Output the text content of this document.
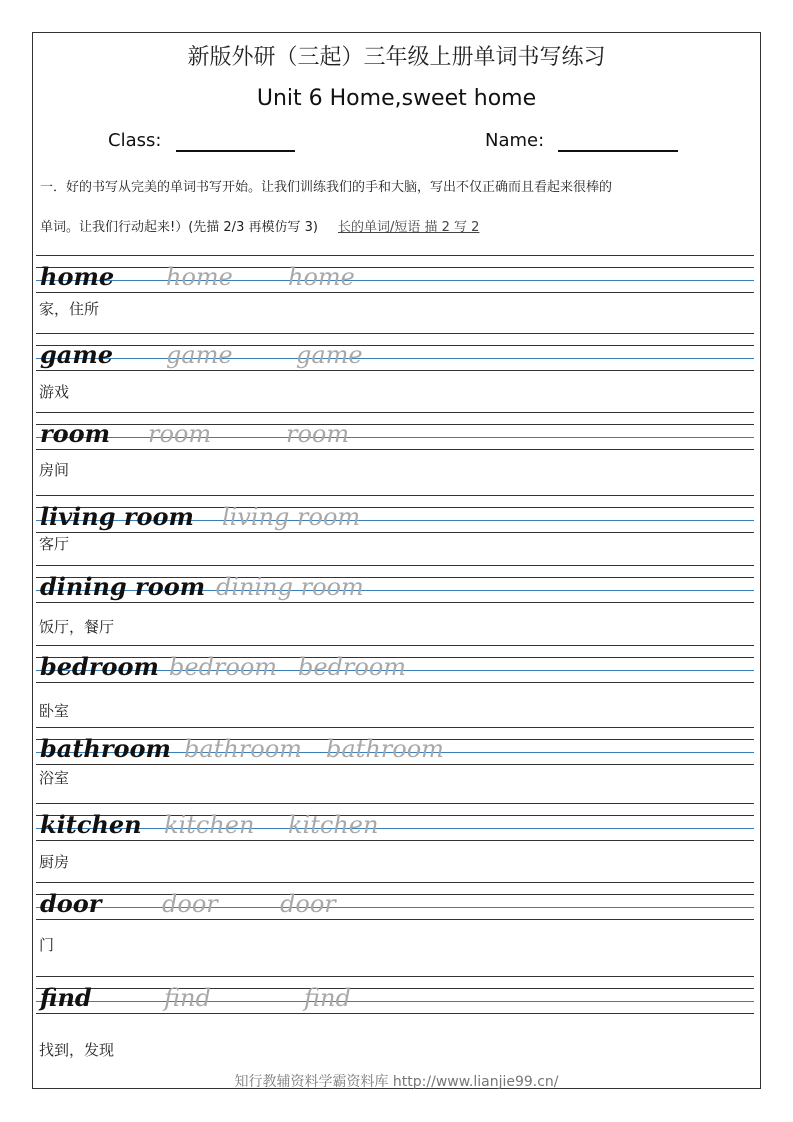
新版外研（三起）三年级上册单词书写练习
Unit 6 Home,sweet home
Class:	Name:
一．好的书写从完美的单词书写开始。让我们训练我们的手和大脑，写出不仅正确而且看起来很棒的
单词。让我们行动起来!）(先描 2/3 再模仿写 3) 长的单词/短语 描 2 写 2
home home home
家，住所
game game	game
游戏
room room	room
房间
living room living room
客厅
dining room dining room
饭厅，餐厅
bedroom bedroom bedroom
卧室
bathroom bathroom bathroom
浴室
kitchen kitchen kitchen
厨房
door	door	door
门
find	find	find
找到，发现
知行教辅资料学霸资料库 http://www.lianjie99.cn/
